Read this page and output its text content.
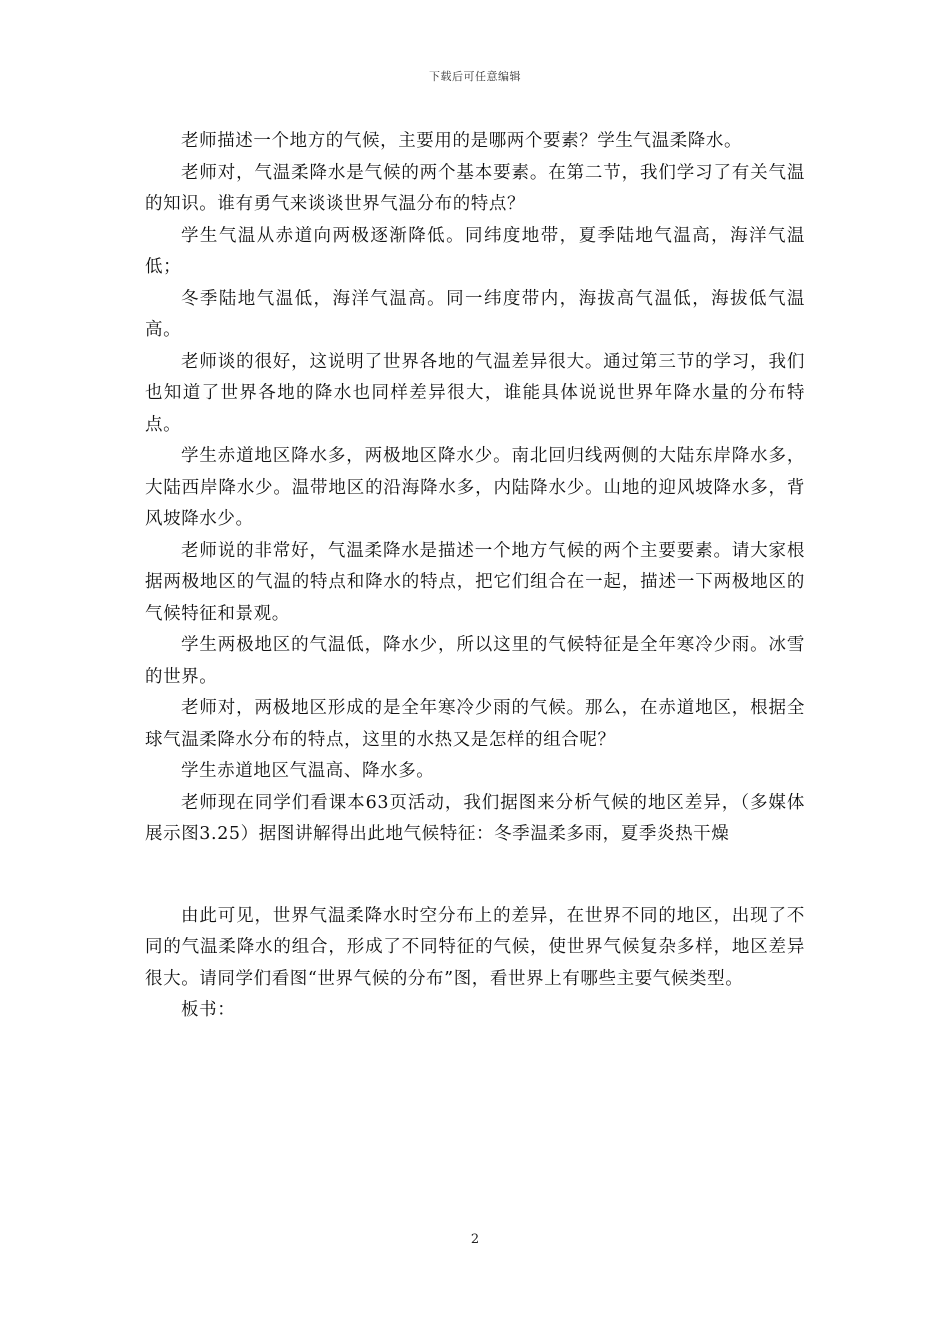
下载后可任意编辑

老师描述一个地方的气候，主要用的是哪两个要素？学生气温柔降水。

老师对，气温柔降水是气候的两个基本要素。在第二节，我们学习了有关气温的知识。谁有勇气来谈谈世界气温分布的特点？

学生气温从赤道向两极逐渐降低。同纬度地带，夏季陆地气温高，海洋气温低；

冬季陆地气温低，海洋气温高。同一纬度带内，海拔高气温低，海拔低气温高。

老师谈的很好，这说明了世界各地的气温差异很大。通过第三节的学习，我们也知道了世界各地的降水也同样差异很大，谁能具体说说世界年降水量的分布特点。

学生赤道地区降水多，两极地区降水少。南北回归线两侧的大陆东岸降水多，大陆西岸降水少。温带地区的沿海降水多，内陆降水少。山地的迎风坡降水多，背风坡降水少。

老师说的非常好，气温柔降水是描述一个地方气候的两个主要要素。请大家根据两极地区的气温的特点和降水的特点，把它们组合在一起，描述一下两极地区的气候特征和景观。

学生两极地区的气温低，降水少，所以这里的气候特征是全年寒冷少雨。冰雪的世界。

老师对，两极地区形成的是全年寒冷少雨的气候。那么，在赤道地区，根据全球气温柔降水分布的特点，这里的水热又是怎样的组合呢？

学生赤道地区气温高、降水多。

老师现在同学们看课本63页活动，我们据图来分析气候的地区差异，（多媒体展示图3.25）据图讲解得出此地气候特征：冬季温柔多雨，夏季炎热干燥

由此可见，世界气温柔降水时空分布上的差异，在世界不同的地区，出现了不同的气温柔降水的组合，形成了不同特征的气候，使世界气候复杂多样，地区差异很大。请同学们看图“世界气候的分布”图，看世界上有哪些主要气候类型。

板书：

2
